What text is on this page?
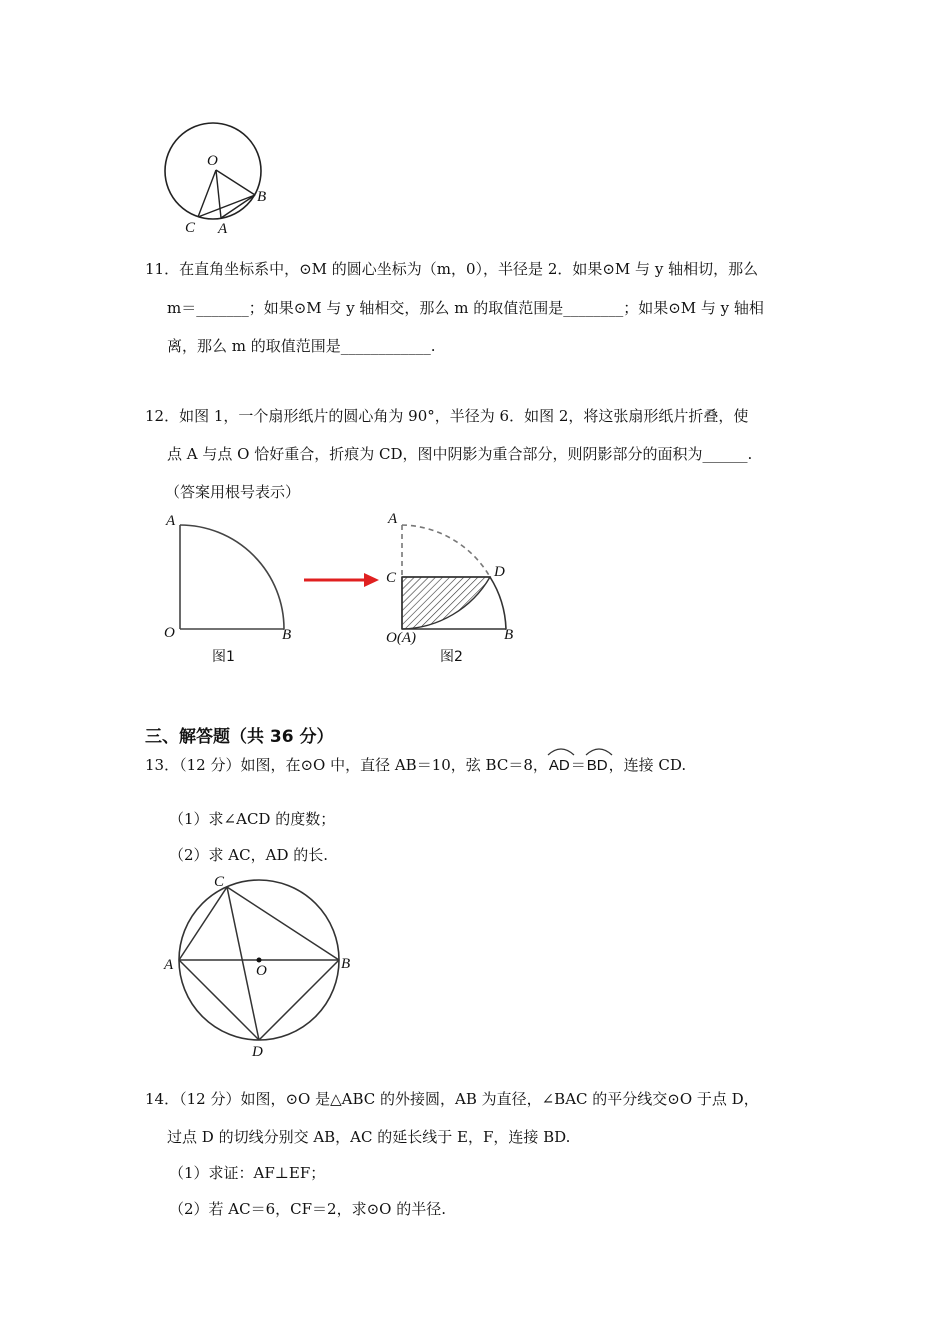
O
B
C A
11．在直角坐标系中，⊙M 的圆心坐标为（m，0），半径是 2．如果⊙M 与 y 轴相切，那么
m＝_______；如果⊙M 与 y 轴相交，那么 m 的取值范围是________；如果⊙M 与 y 轴相
离，那么 m 的取值范围是____________.
12．如图 1，一个扇形纸片的圆心角为 90°，半径为 6．如图 2，将这张扇形纸片折叠，使
点 A 与点 O 恰好重合，折痕为 CD，图中阴影为重合部分，则阴影部分的面积为______.
（答案用根号表示）
A
O	B
图1
A
C	D
O(A)	B
图2
三、解答题（共 36 分）
13．（12 分）如图，在⊙O 中，直径 AB＝10，弦 BC＝8，AD
＝BD
，连接 CD.
（1）求∠ACD 的度数；
（2）求 AC，AD 的长.
C
A	O	B
D
14．（12 分）如图，⊙O 是△ABC 的外接圆，AB 为直径，∠BAC 的平分线交⊙O 于点 D，
过点 D 的切线分别交 AB，AC 的延长线于 E，F，连接 BD.
（1）求证：AF⊥EF；
（2）若 AC＝6，CF＝2，求⊙O 的半径.
